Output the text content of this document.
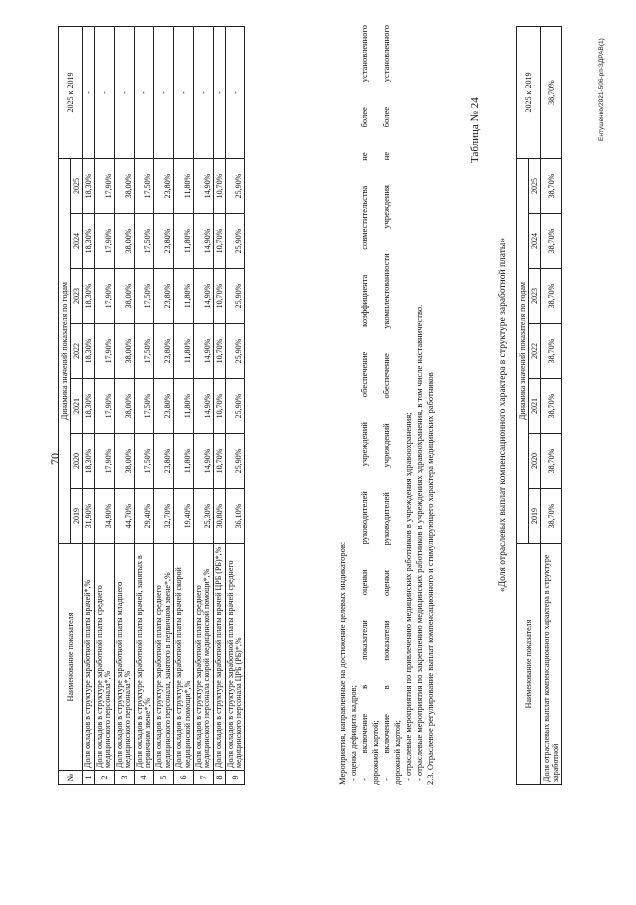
70
№	Наименование показателя	Динамика значений показателя по годам							2025 к 2019
		2019	2020	2021	2022	2023	2024	2025	
1	Доля окладов в структуре заработной платы врачей*,%	31,90%	18,30%	18,30%	18,30%	18,30%	18,30%	18,30%	-
2	Доля окладов в структуре заработной платы среднего медицинского персонала*,%	34,90%	17,90%	17,90%	17,90%	17,90%	17,90%	17,90%	-
3	Доля окладов в структуре заработной платы младшего медицинского персонала*,%	44,70%	38,00%	38,00%	38,00%	38,00%	38,00%	38,00%	-
4	Доля окладов в структуре заработной платы врачей, занятых в первичном звене*,%	29,40%	17,50%	17,50%	17,50%	17,50%	17,50%	17,50%	-
5	Доля окладов в структуре заработной платы среднего медицинского персонала, занятого в первичном звене*,%	32,70%	23,80%	23,80%	23,80%	23,80%	23,80%	23,80%	-
6	Доля окладов в структуре заработной платы врачей скорой медицинской помощи*,%	19,40%	11,80%	11,80%	11,80%	11,80%	11,80%	11,80%	-
7	Доля окладов в структуре заработной платы среднего медицинского персонала скорой медицинской помощи*,%	25,30%	14,90%	14,90%	14,90%	14,90%	14,90%	14,90%	-
8	Доля окладов в структуре заработной платы врачей ЦРБ (РБ)*,%	30,80%	10,70%	10,70%	10,70%	10,70%	10,70%	10,70%	-
9	Доля окладов в структуре заработной платы врачей среднего медицинского персонала ЦРБ (РБ)*,%	36,10%	25,90%	25,90%	25,90%	25,90%	25,90%	25,90%	-
Мероприятия, направленные на достижение целевых индикаторов: - оценка дефицита кадров; - включение в показатели оценки руководителей учреждений обеспечение коэффициента совместительства не более установленного дорожной картой; - включение в показатели оценки руководителей учреждений обеспечение укомплектованности учреждения не более установленного дорожной картой; - отраслевые мероприятия по привлечению медицинских работников в учреждения здравоохранения; - отраслевые мероприятия по закреплению медицинских работников в учреждениях здравоохранения, в том числе наставничество. 2.3. Отраслевое регулирование выплат компенсационного и стимулирующего характера медицинских работников
Таблица № 24
«Доля отраслевых выплат компенсационного характера в структуре заработной платы»
Наименование показателя	Динамика значений показателя по годам							2025 к 2019
	2019	2020	2021	2022	2023	2024	2025	
Доля отраслевых выплат компенсационного характера в структуре заработной	38,70%	38,70%	38,70%	38,70%	38,70%	38,70%	38,70%	38,70%	Ентушенко/2021-506-рп-ЗДРАВ(1)
